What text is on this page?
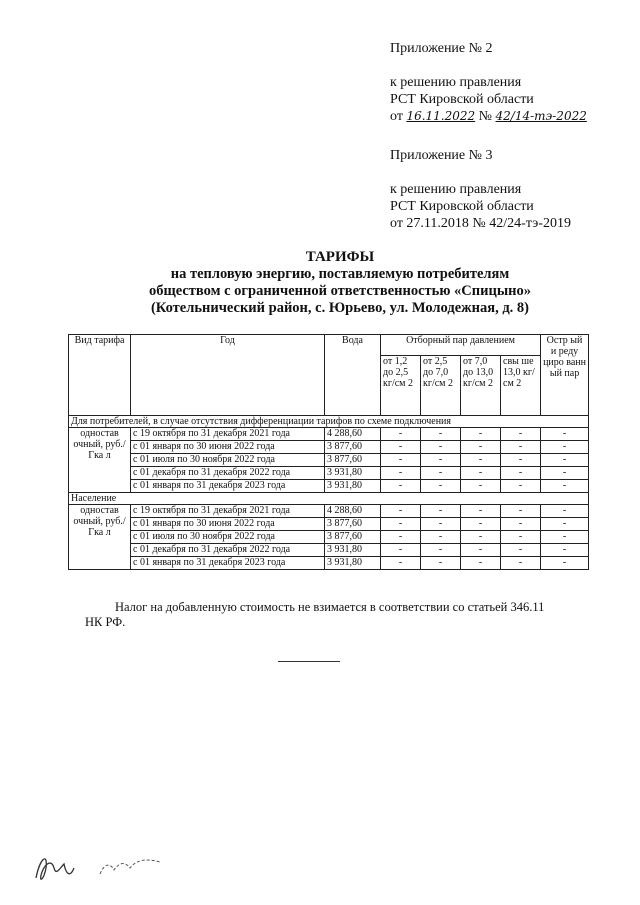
Приложение № 2
к решению правления
РСТ Кировской области
от 16.11.2022 № 42/14-тэ-2022
Приложение № 3
к решению правления
РСТ Кировской области
от 27.11.2018 № 42/24-тэ-2019
ТАРИФЫ
на тепловую энергию, поставляемую потребителям
обществом с ограниченной ответственностью «Спицыно»
(Котельнический район, с. Юрьево, ул. Молодежная, д. 8)
Вид тарифа	Год	Вода	Отборный пар давлением				Остр ый и реду циро ванн ый пар
			от 1,2 до 2,5 кг/см 2	от 2,5 до 7,0 кг/см 2	от 7,0 до 13,0 кг/см 2	свы ше 13,0 кг/см 2	
Для потребителей, в случае отсутствия дифференциации тарифов по схеме подключения							
одностав очный, руб./Гка л	с 19 октября по 31 декабря 2021 года	4 288,60	-	-	-	-	-
	с 01 января по 30 июня 2022 года	3 877,60	-	-	-	-	-
	с 01 июля по 30 ноября 2022 года	3 877,60	-	-	-	-	-
	с 01 декабря по 31 декабря 2022 года	3 931,80	-	-	-	-	-
	с 01 января по 31 декабря 2023 года	3 931,80	-	-	-	-	-
Население							
одностав очный, руб./Гка л	с 19 октября по 31 декабря 2021 года	4 288,60	-	-	-	-	-
	с 01 января по 30 июня 2022 года	3 877,60	-	-	-	-	-
	с 01 июля по 30 ноября 2022 года	3 877,60	-	-	-	-	-
	с 01 декабря по 31 декабря 2022 года	3 931,80	-	-	-	-	-
	с 01 января по 31 декабря 2023 года	3 931,80	-	-	-	-	-
Налог на добавленную стоимость не взимается в соответствии со статьей 346.11
НК РФ.
